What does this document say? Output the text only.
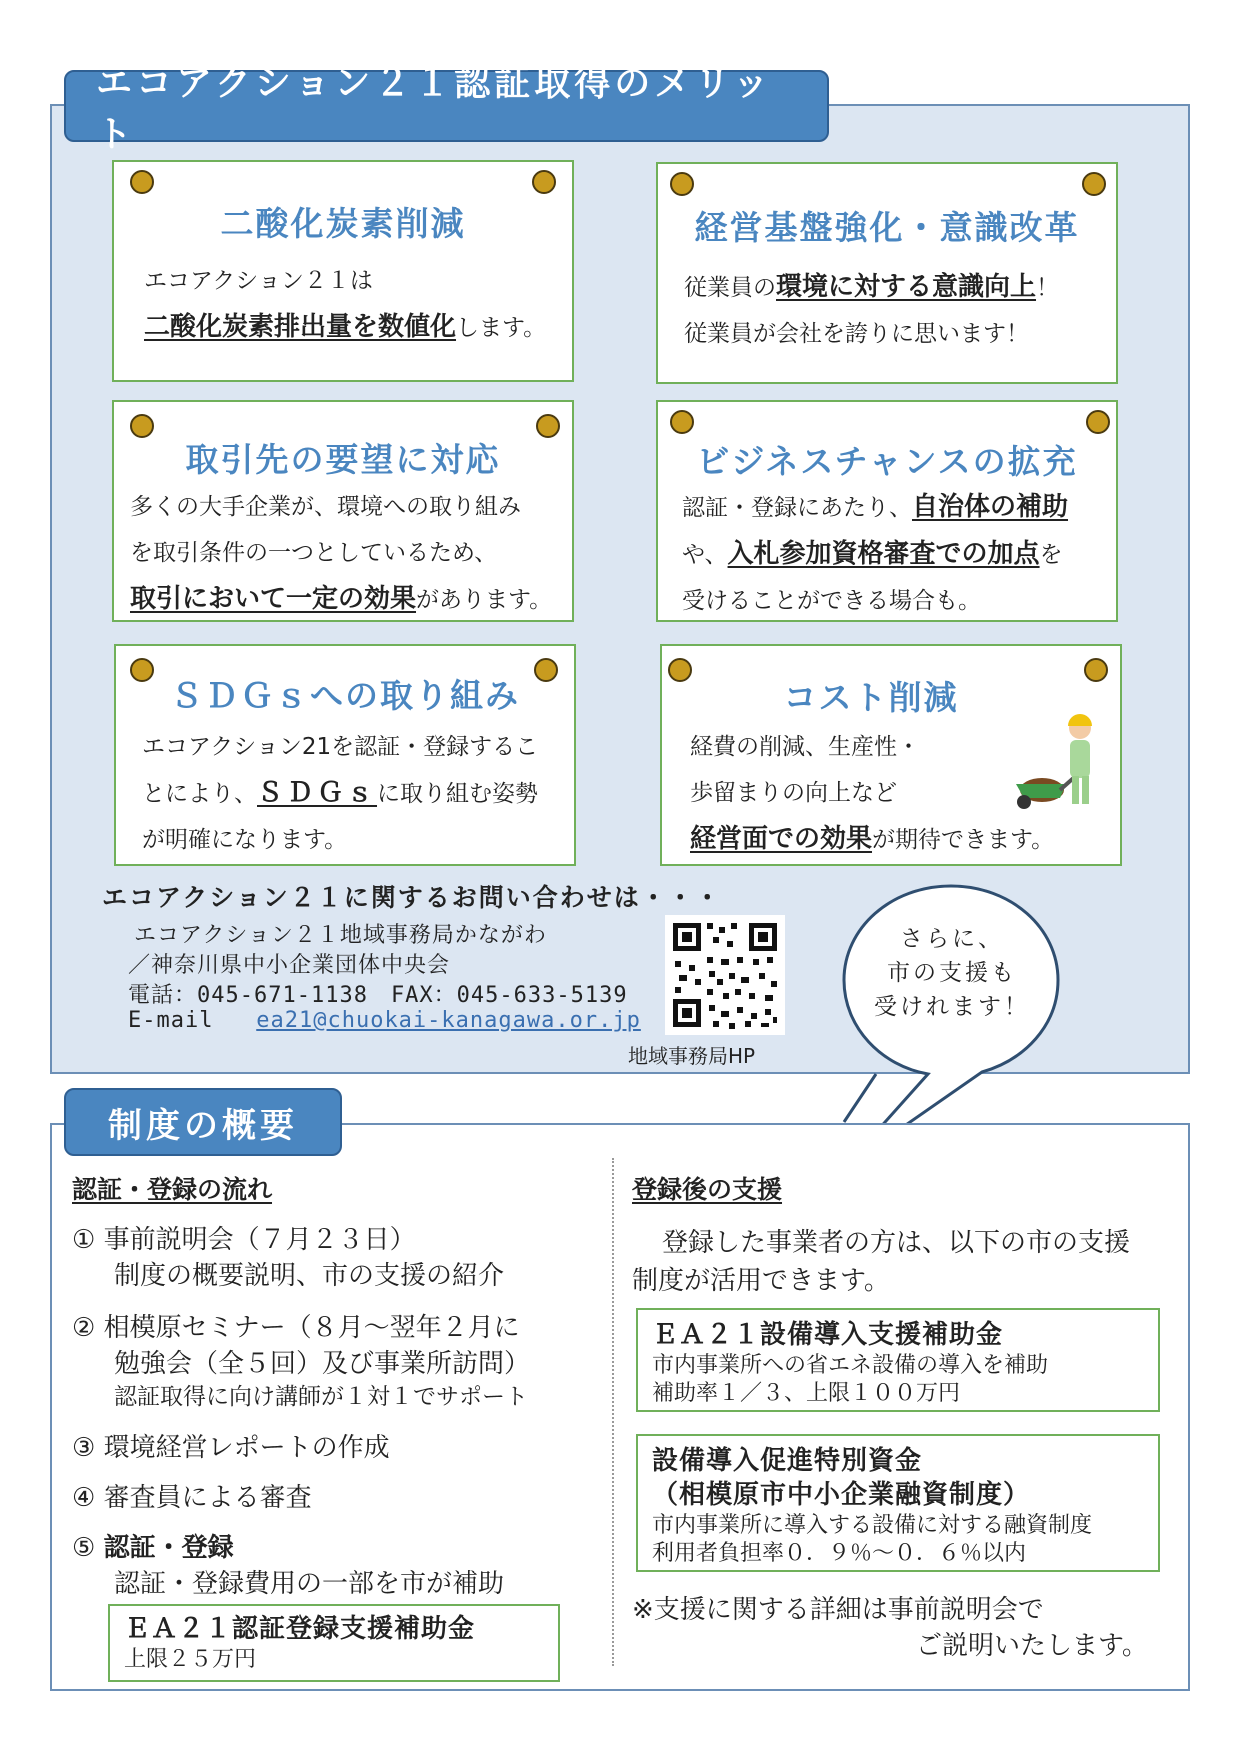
エコアクション２１認証取得のメリット
二酸化炭素削減
エコアクション２１は
二酸化炭素排出量を数値化します。
経営基盤強化・意識改革
従業員の環境に対する意識向上！
従業員が会社を誇りに思います！
取引先の要望に対応
多くの大手企業が、環境への取り組み
を取引条件の一つとしているため、
取引において一定の効果があります。
ビジネスチャンスの拡充
認証・登録にあたり、自治体の補助
や、入札参加資格審査での加点を
受けることができる場合も。
ＳＤＧｓへの取り組み
エコアクション21を認証・登録するこ
とにより、ＳＤＧｓに取り組む姿勢
が明確になります。
コスト削減
経費の削減、生産性・
歩留まりの向上など
経営面での効果が期待できます。
エコアクション２１に関するお問い合わせは・・・
エコアクション２１地域事務局かながわ
／神奈川県中小企業団体中央会
電話：045-671-1138　FAX：045-633-5139
E-mail ea21@chuokai-kanagawa.or.jp
地域事務局HP
さらに、
市の支援も
受けれます！
制度の概要
認証・登録の流れ
① 事前説明会（７月２３日）
制度の概要説明、市の支援の紹介
② 相模原セミナー（８月～翌年２月に
勉強会（全５回）及び事業所訪問）
認証取得に向け講師が１対１でサポート
③ 環境経営レポートの作成
④ 審査員による審査
⑤ 認証・登録
認証・登録費用の一部を市が補助
ＥＡ２１認証登録支援補助金
上限２５万円
登録後の支援
登録した事業者の方は、以下の市の支援
制度が活用できます。
ＥＡ２１設備導入支援補助金
市内事業所への省エネ設備の導入を補助
補助率１／３、上限１００万円
設備導入促進特別資金
（相模原市中小企業融資制度）
市内事業所に導入する設備に対する融資制度
利用者負担率０．９％～０．６％以内
※支援に関する詳細は事前説明会で
ご説明いたします。
